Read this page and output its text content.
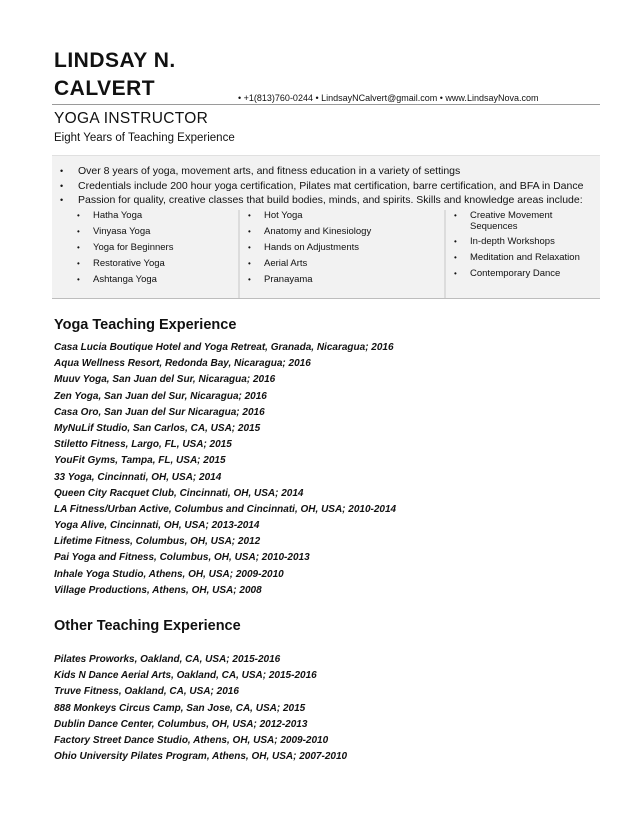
LINDSAY N.
CALVERT	• +1(813)760-0244 • LindsayNCalvert@gmail.com • www.LindsayNova.com
YOGA INSTRUCTOR
Eight Years of Teaching Experience
• Over 8 years of yoga, movement arts, and fitness education in a variety of settings
• Credentials include 200 hour yoga certification, Pilates mat certification, barre certification, and BFA in Dance
• Passion for quality, creative classes that build bodies, minds, and spirits. Skills and knowledge areas include:
• Hatha Yoga
• Vinyasa Yoga
• Yoga for Beginners
• Restorative Yoga
• Ashtanga Yoga
• Hot Yoga
• Anatomy and Kinesiology
• Hands on Adjustments
• Aerial Arts
• Pranayama
• Creative Movement Sequences
• In-depth Workshops
• Meditation and Relaxation
• Contemporary Dance
Yoga Teaching Experience
Casa Lucia Boutique Hotel and Yoga Retreat, Granada, Nicaragua; 2016
Aqua Wellness Resort, Redonda Bay, Nicaragua; 2016
Muuv Yoga, San Juan del Sur, Nicaragua; 2016
Zen Yoga, San Juan del Sur, Nicaragua; 2016
Casa Oro, San Juan del Sur Nicaragua; 2016
MyNuLif Studio, San Carlos, CA, USA; 2015
Stiletto Fitness, Largo, FL, USA; 2015
YouFit Gyms, Tampa, FL, USA; 2015
33 Yoga, Cincinnati, OH, USA; 2014
Queen City Racquet Club, Cincinnati, OH, USA; 2014
LA Fitness/Urban Active, Columbus and Cincinnati, OH, USA; 2010-2014
Yoga Alive, Cincinnati, OH, USA; 2013-2014
Lifetime Fitness, Columbus, OH, USA; 2012
Pai Yoga and Fitness, Columbus, OH, USA; 2010-2013
Inhale Yoga Studio, Athens, OH, USA; 2009-2010
Village Productions, Athens, OH, USA; 2008
Other Teaching Experience
Pilates Proworks, Oakland, CA, USA; 2015-2016
Kids N Dance Aerial Arts, Oakland, CA, USA; 2015-2016
Truve Fitness, Oakland, CA, USA; 2016
888 Monkeys Circus Camp, San Jose, CA, USA; 2015
Dublin Dance Center, Columbus, OH, USA; 2012-2013
Factory Street Dance Studio, Athens, OH, USA; 2009-2010
Ohio University Pilates Program, Athens, OH, USA; 2007-2010
